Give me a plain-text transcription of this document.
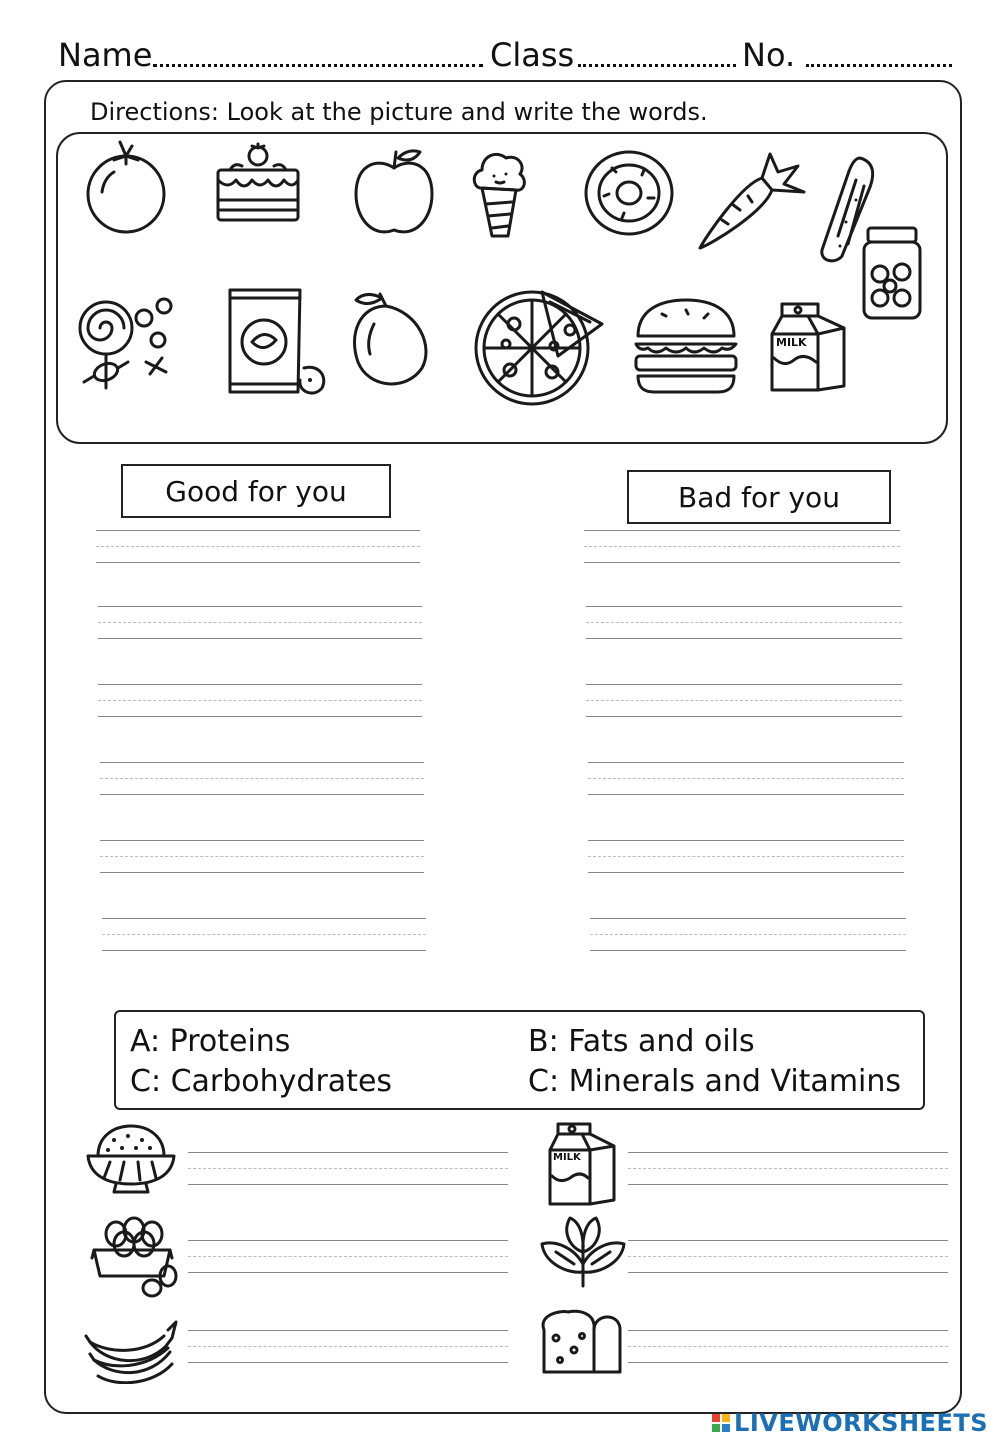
Name	Class	No.
Directions: Look at the picture and write the words.
MILK
Good for you	Bad for you
A: Proteins	B: Fats and oils
C: Carbohydrates	C: Minerals and Vitamins
MILK
LIVEWORKSHEETS
